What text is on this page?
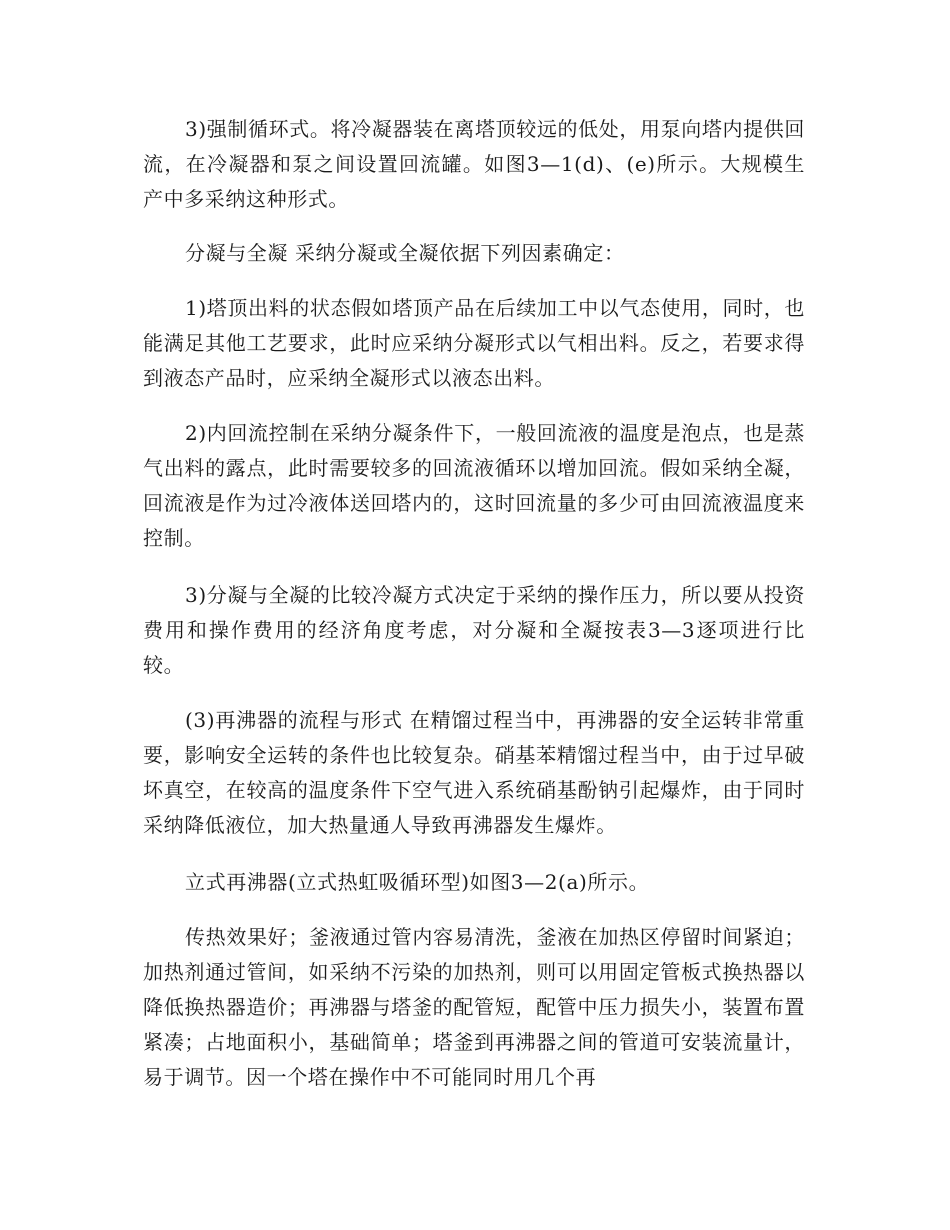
3)强制循环式。将冷凝器装在离塔顶较远的低处，用泵向塔内提供回流，在冷凝器和泵之间设置回流罐。如图3—1(d)、(e)所示。大规模生产中多采纳这种形式。

分凝与全凝 采纳分凝或全凝依据下列因素确定：

1)塔顶出料的状态假如塔顶产品在后续加工中以气态使用，同时，也能满足其他工艺要求，此时应采纳分凝形式以气相出料。反之，若要求得到液态产品时，应采纳全凝形式以液态出料。

2)内回流控制在采纳分凝条件下，一般回流液的温度是泡点，也是蒸气出料的露点，此时需要较多的回流液循环以增加回流。假如采纳全凝，回流液是作为过冷液体送回塔内的，这时回流量的多少可由回流液温度来控制。

3)分凝与全凝的比较冷凝方式决定于采纳的操作压力，所以要从投资费用和操作费用的经济角度考虑，对分凝和全凝按表3—3逐项进行比较。

(3)再沸器的流程与形式 在精馏过程当中，再沸器的安全运转非常重要，影响安全运转的条件也比较复杂。硝基苯精馏过程当中，由于过早破坏真空，在较高的温度条件下空气进入系统硝基酚钠引起爆炸，由于同时采纳降低液位，加大热量通人导致再沸器发生爆炸。

立式再沸器(立式热虹吸循环型)如图3—2(a)所示。

传热效果好；釜液通过管内容易清洗，釜液在加热区停留时间紧迫；加热剂通过管间，如采纳不污染的加热剂，则可以用固定管板式换热器以降低换热器造价；再沸器与塔釜的配管短，配管中压力损失小，装置布置紧凑；占地面积小，基础简单；塔釜到再沸器之间的管道可安装流量计，易于调节。因一个塔在操作中不可能同时用几个再
